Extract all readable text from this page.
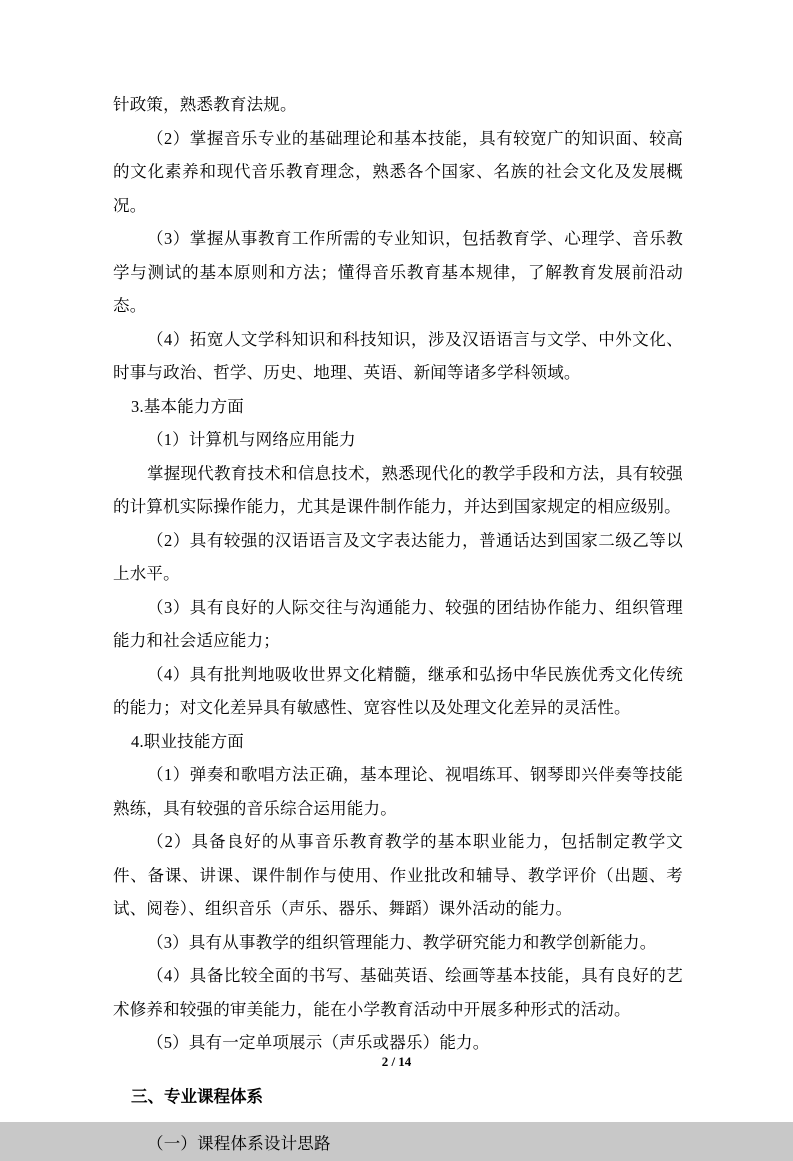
针政策，熟悉教育法规。

（2）掌握音乐专业的基础理论和基本技能，具有较宽广的知识面、较高的文化素养和现代音乐教育理念，熟悉各个国家、名族的社会文化及发展概况。

（3）掌握从事教育工作所需的专业知识，包括教育学、心理学、音乐教学与测试的基本原则和方法；懂得音乐教育基本规律，了解教育发展前沿动态。

（4）拓宽人文学科知识和科技知识，涉及汉语语言与文学、中外文化、时事与政治、哲学、历史、地理、英语、新闻等诸多学科领域。

3.基本能力方面

（1）计算机与网络应用能力

掌握现代教育技术和信息技术，熟悉现代化的教学手段和方法，具有较强的计算机实际操作能力，尤其是课件制作能力，并达到国家规定的相应级别。

（2）具有较强的汉语语言及文字表达能力，普通话达到国家二级乙等以上水平。

（3）具有良好的人际交往与沟通能力、较强的团结协作能力、组织管理能力和社会适应能力；

（4）具有批判地吸收世界文化精髓，继承和弘扬中华民族优秀文化传统的能力；对文化差异具有敏感性、宽容性以及处理文化差异的灵活性。

4.职业技能方面

（1）弹奏和歌唱方法正确，基本理论、视唱练耳、钢琴即兴伴奏等技能熟练，具有较强的音乐综合运用能力。

（2）具备良好的从事音乐教育教学的基本职业能力，包括制定教学文件、备课、讲课、课件制作与使用、作业批改和辅导、教学评价（出题、考试、阅卷）、组织音乐（声乐、器乐、舞蹈）课外活动的能力。

（3）具有从事教学的组织管理能力、教学研究能力和教学创新能力。

（4）具备比较全面的书写、基础英语、绘画等基本技能，具有良好的艺术修养和较强的审美能力，能在小学教育活动中开展多种形式的活动。

（5）具有一定单项展示（声乐或器乐）能力。

三、专业课程体系

（一）课程体系设计思路

2 / 14
